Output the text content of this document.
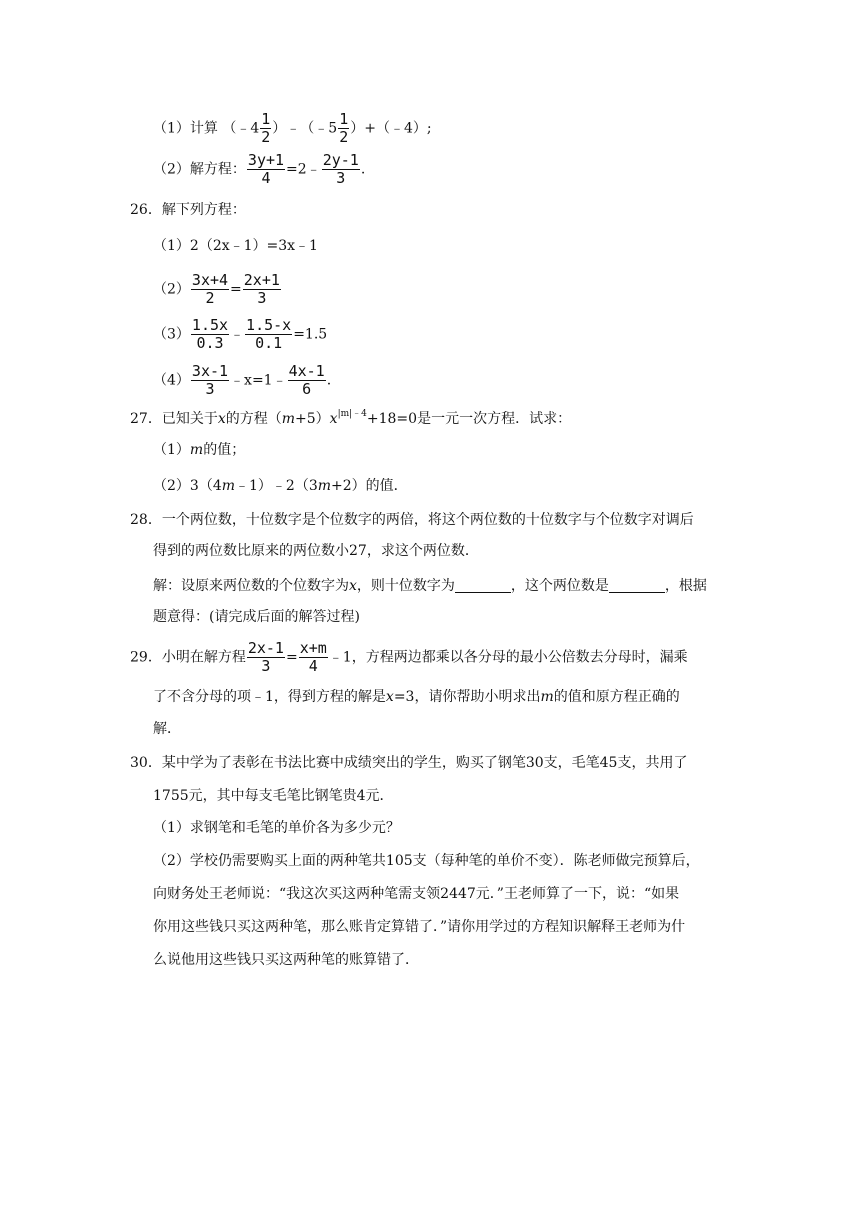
（1）计算 （﹣4 $\frac{1}{2}$ ）﹣（﹣5 $\frac{1}{2}$ ）+（﹣4）;
（2）解方程： $\frac{3y+1}{4}$ =2﹣ $\frac{2y-1}{3}$ .
26．解下列方程：
（1）2（2x﹣1）=3x﹣1
$(2) \frac{3x+4}{2} = \frac{2x+1}{3}$
$(3) \frac{1.5x}{0.3}$ ﹣ $\frac{1.5-x}{0.1} =1.5$
$(4) \frac{3x-1}{3}$ ﹣x=1﹣ $\frac{4x-1}{6}$ .
27．已知关于x的方程$(m+5)x^{|m|﹣4}+18=0$是一元一次方程．试求：
（1）m的值；
（2）3（4m﹣1）﹣2（3m+2）的值．
28．一个两位数，十位数字是个位数字的两倍，将这个两位数的十位数字与个位数字对调后
得到的两位数比原来的两位数小27，求这个两位数．
解：设原来两位数的个位数字为x，则十位数字为	，这个两位数是	，根据
题意得：(请完成后面的解答过程)
29．小明在解方程 $\frac{2x-1}{3} = \frac{x+m}{4}$ ﹣1，方程两边都乘以各分母的最小公倍数去分母时，漏乘
了不含分母的项﹣1，得到方程的解是x=3，请你帮助小明求出m的值和原方程正确的
解．
30．某中学为了表彰在书法比赛中成绩突出的学生，购买了钢笔30支，毛笔45支，共用了
1755元，其中每支毛笔比钢笔贵4元．
（1）求钢笔和毛笔的单价各为多少元？
（2）学校仍需要购买上面的两种笔共105支（每种笔的单价不变）．陈老师做完预算后，
向财务处王老师说：“我这次买这两种笔需支领2447元．”王老师算了一下，说：“如果
你用这些钱只买这两种笔，那么账肯定算错了．”请你用学过的方程知识解释王老师为什
么说他用这些钱只买这两种笔的账算错了．
